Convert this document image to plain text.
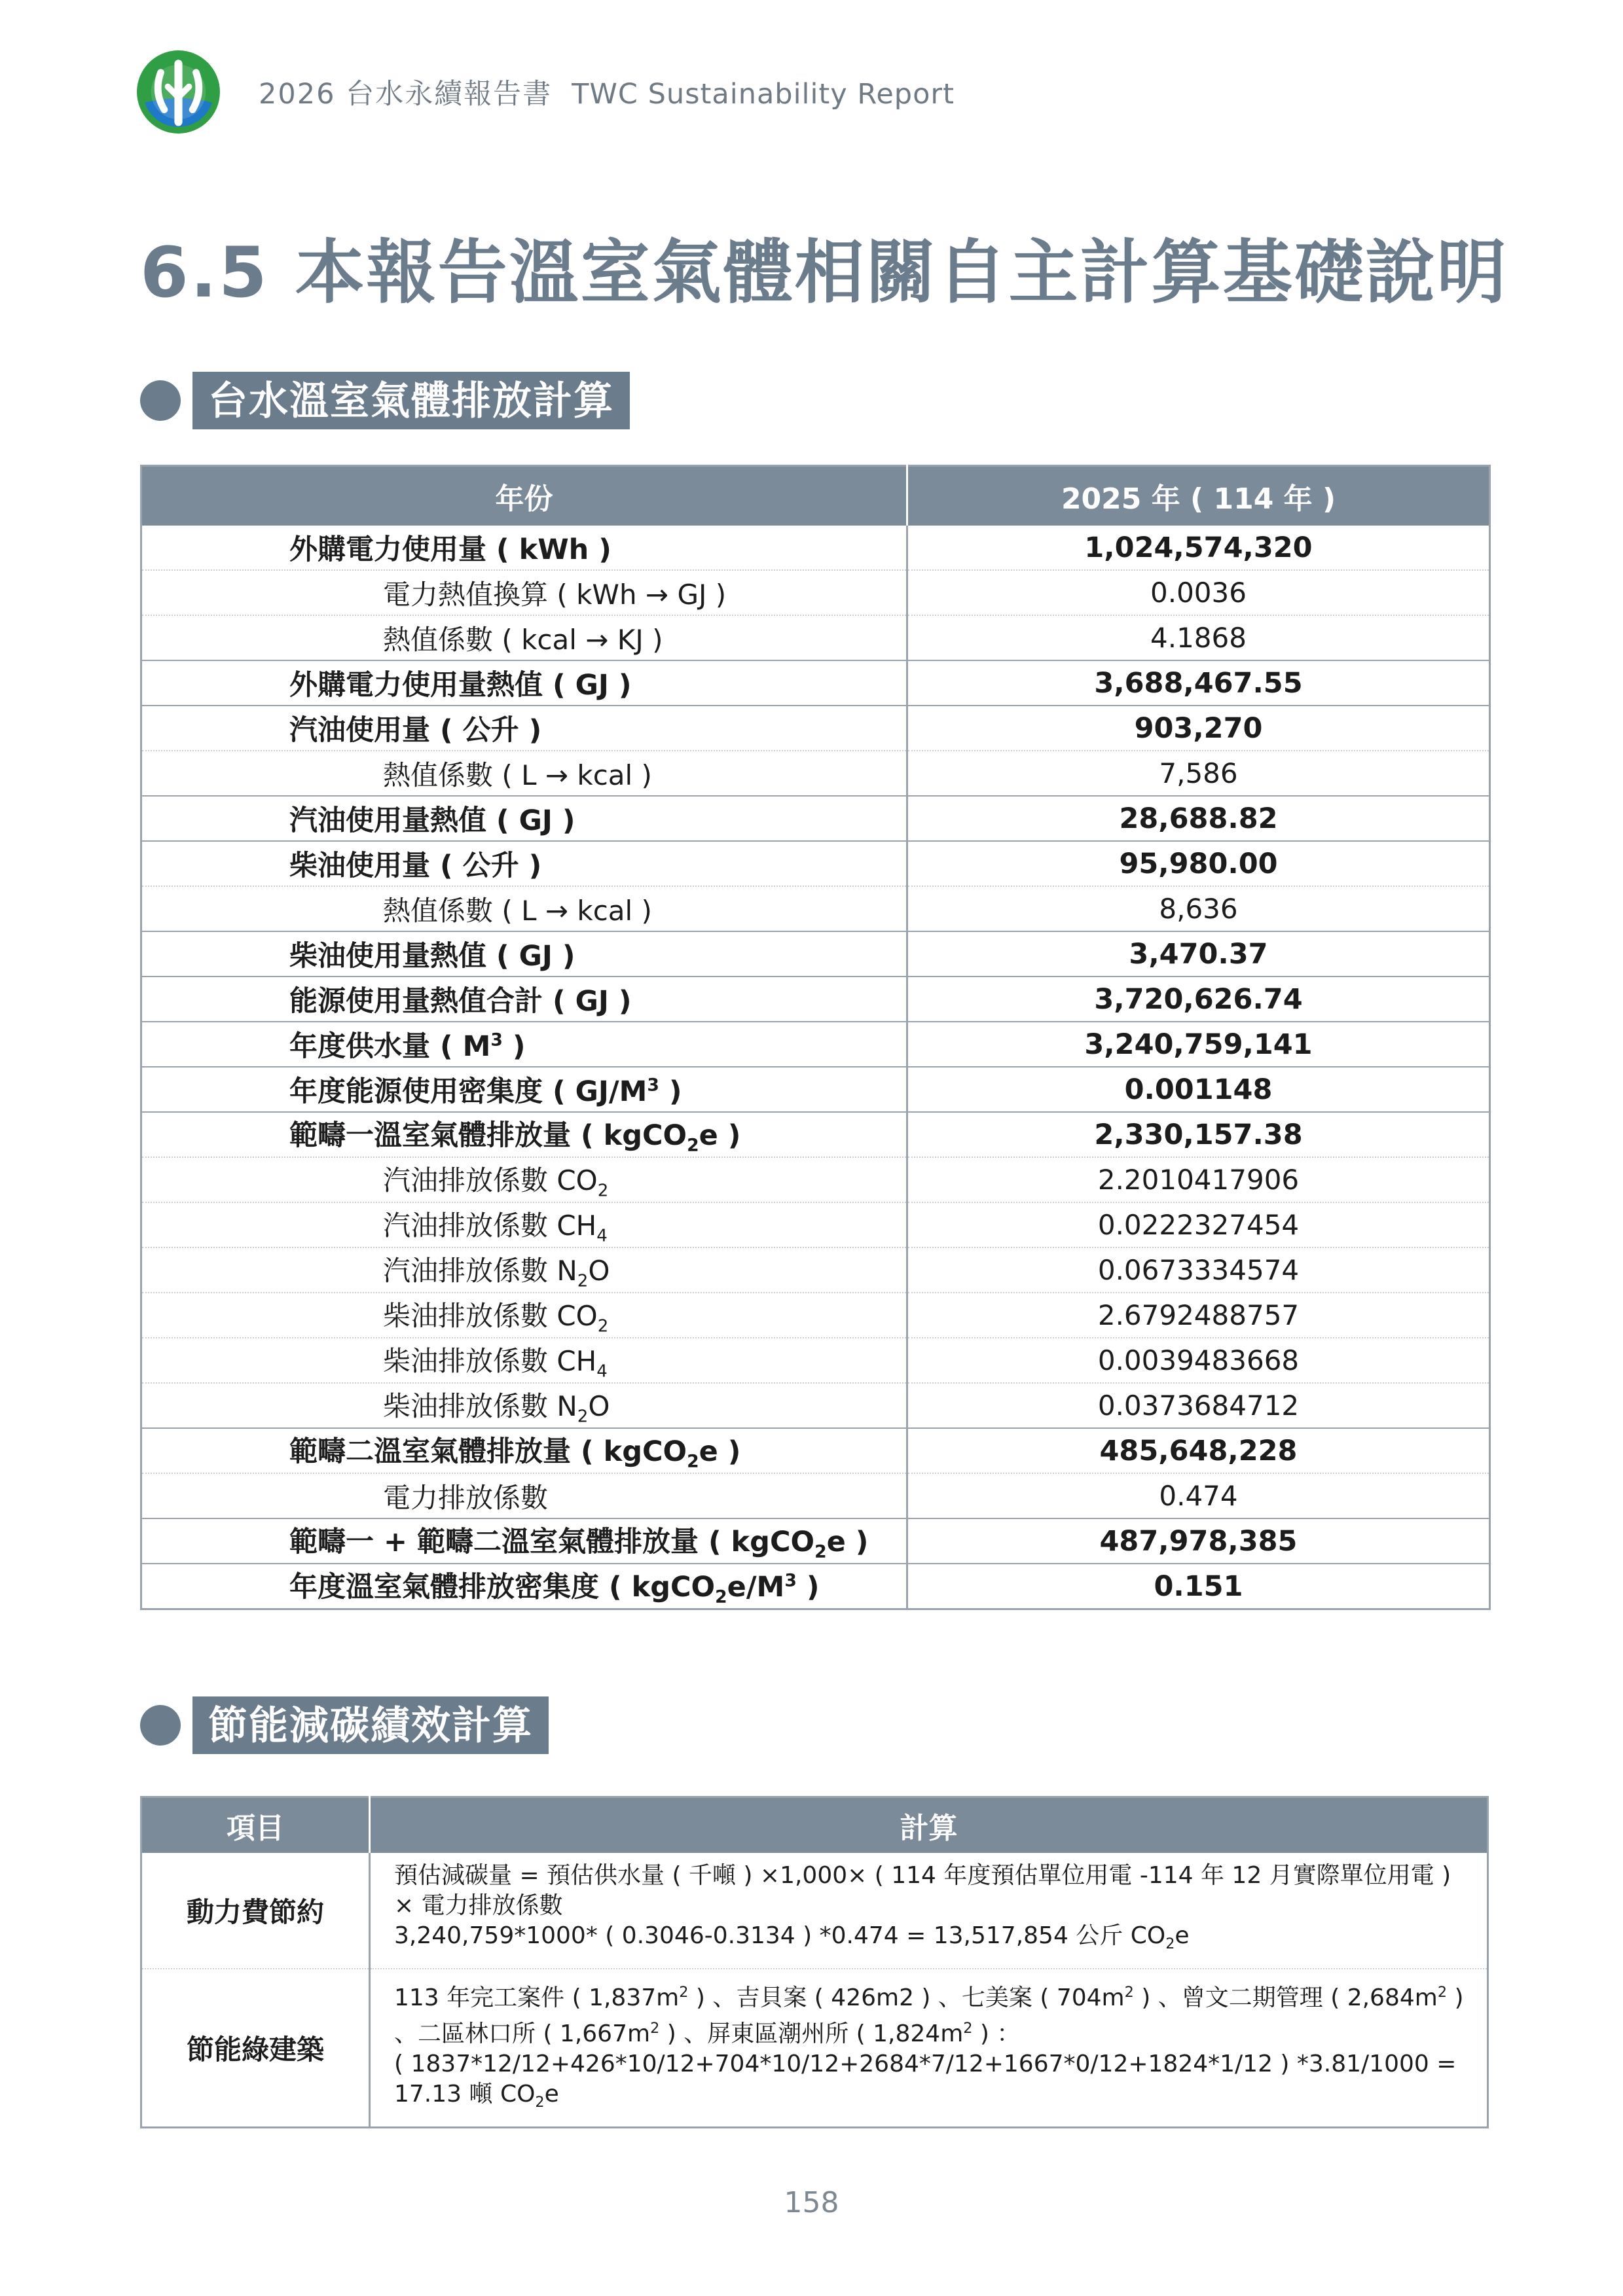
2026 台水永續報告書 TWC Sustainability Report
6.5 本報告溫室氣體相關自主計算基礎說明
台水溫室氣體排放計算
年份	2025 年 ( 114 年 )
外購電力使用量 ( kWh )	1,024,574,320
電力熱值換算 ( kWh → GJ )	0.0036
熱值係數 ( kcal → KJ )	4.1868
外購電力使用量熱值 ( GJ )	3,688,467.55
汽油使用量 ( 公升 )	903,270
熱值係數 ( L → kcal )	7,586
汽油使用量熱值 ( GJ )	28,688.82
柴油使用量 ( 公升 )	95,980.00
熱值係數 ( L → kcal )	8,636
柴油使用量熱值 ( GJ )	3,470.37
能源使用量熱值合計 ( GJ )	3,720,626.74
年度供水量 ( $M^3$ )	3,240,759,141
年度能源使用密集度 ( $GJ/M^3$ )	0.001148
範疇一溫室氣體排放量 ( kgCO$_2$e )	2,330,157.38
汽油排放係數 $CO_2$	2.2010417906
汽油排放係數 $CH_4$	0.0222327454
汽油排放係數 $N_2O$	0.0673334574
柴油排放係數 $CO_2$	2.6792488757
柴油排放係數 $CH_4$	0.0039483668
柴油排放係數 $N_2O$	0.0373684712
範疇二溫室氣體排放量 ( kgCO$_2$e )	485,648,228
電力排放係數	0.474
範疇一 + 範疇二溫室氣體排放量 ( kgCO$_2$e )	487,978,385
年度溫室氣體排放密集度 ( $kgCO_2e/M^3$ )	0.151
節能減碳績效計算
項目	計算
動力費節約	預估減碳量 = 預估供水量 ( 千噸 ) ×1,000× ( 114 年度預估單位用電 -114 年 12 月實際單位用電 ) × 電力排放係數
3,240,759*1000* ( 0.3046-0.3134 ) *0.474 = 13,517,854 公斤 $CO_2e$

節能綠建築	113 年完工案件 ( $1,837m^2$ ) 、吉貝案 ( 426m2 ) 、七美案 ( $704m^2$ ) 、曾文二期管理 ( $2,684m^2$ ) 、二區林口所 ( $1,667m^2$ ) 、屏東區潮州所 ( $1,824m^2$ ) ：
( 1837*12/12+426*10/12+704*10/12+2684*7/12+1667*0/12+1824*1/12 ) *3.81/1000 = 17.13 噸 $CO_2e$
158
